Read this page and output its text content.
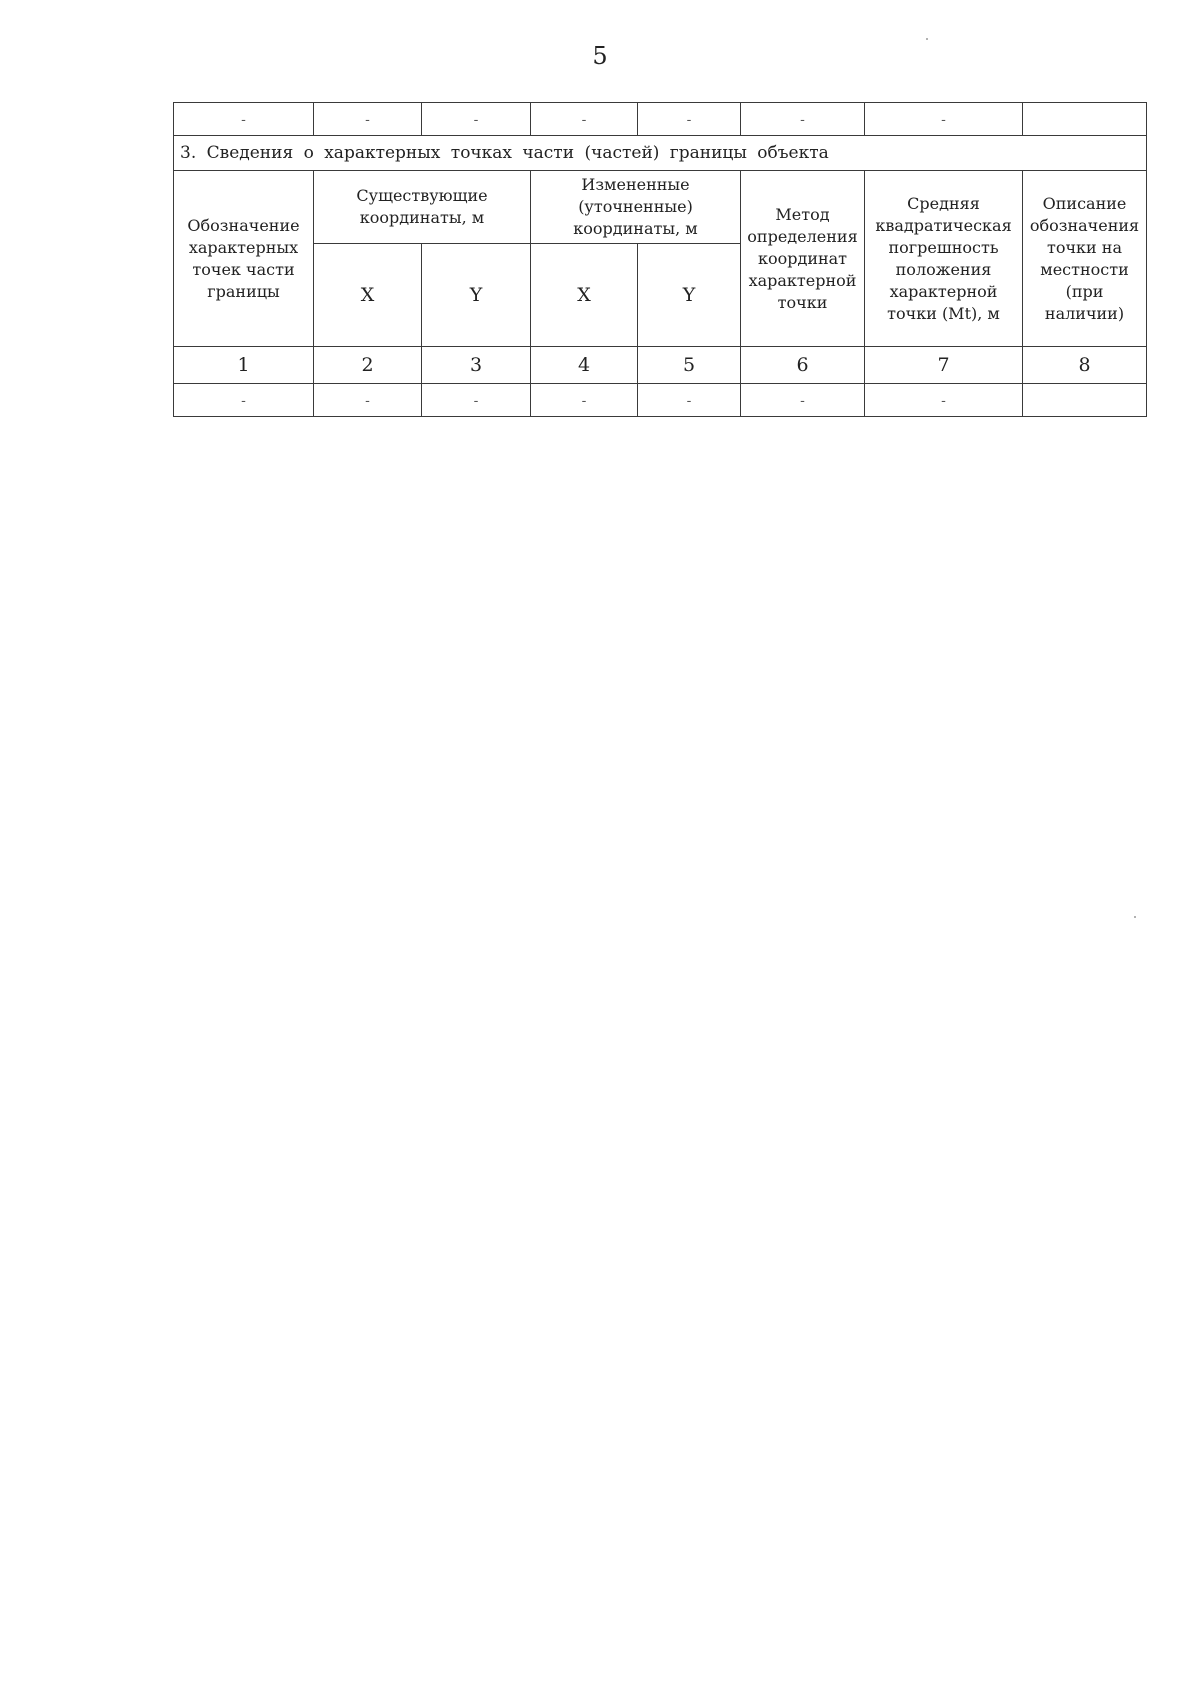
5
-	-	-	-	-	-	-	
3. Сведения о характерных точках части (частей) границы объекта							
Обозначение характерных точек части границы	Существующие координаты, м		Измененные (уточненные) координаты, м		Метод определения координат характерной точки	Средняя квадратическая погрешность положения характерной точки (Mt), м	Описание обозначения точки на местности (при наличии)
	X	Y	X	Y			
1	2	3	4	5	6	7	8
-	-	-	-	-	-	-	
